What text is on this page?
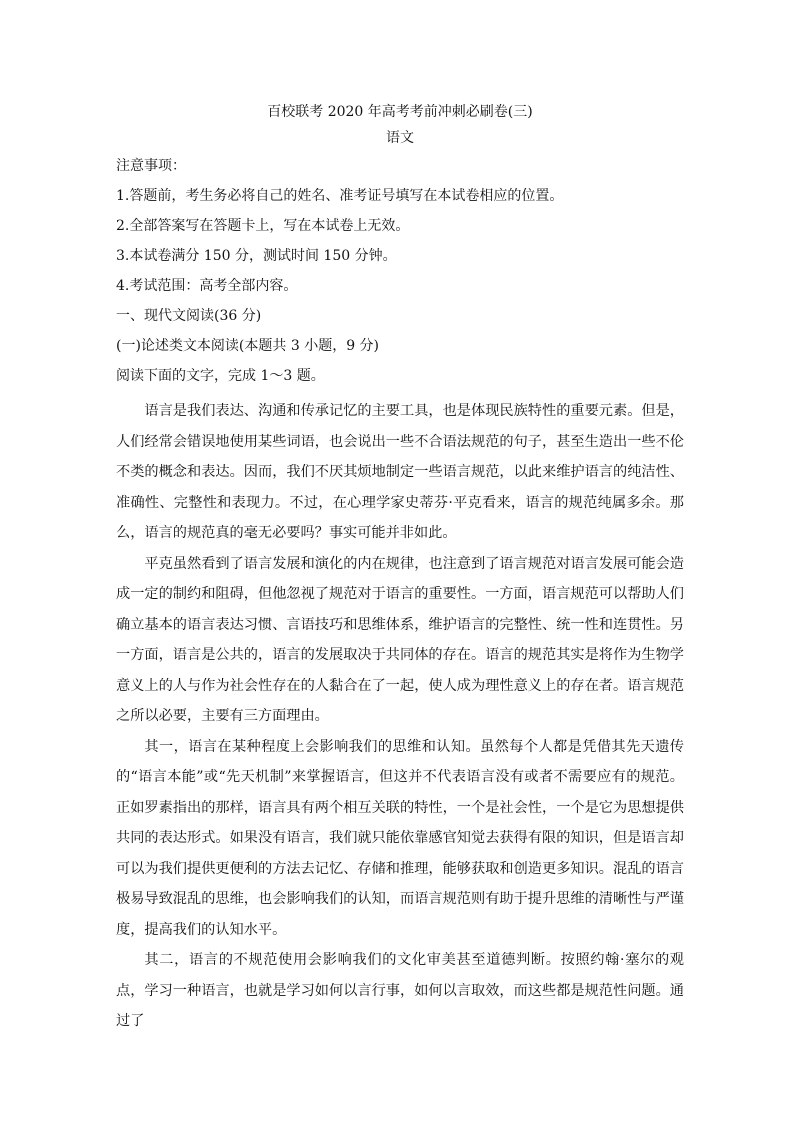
百校联考 2020 年高考考前冲刺必刷卷(三)
语文
注意事项：
1.答题前，考生务必将自己的姓名、准考证号填写在本试卷相应的位置。
2.全部答案写在答题卡上，写在本试卷上无效。
3.本试卷满分 150 分，测试时间 150 分钟。
4.考试范围：高考全部内容。
一、现代文阅读(36 分)
(一)论述类文本阅读(本题共 3 小题，9 分)
阅读下面的文字，完成 1～3 题。

语言是我们表达、沟通和传承记忆的主要工具，也是体现民族特性的重要元素。但是，人们经常会错误地使用某些词语，也会说出一些不合语法规范的句子，甚至生造出一些不伦不类的概念和表达。因而，我们不厌其烦地制定一些语言规范，以此来维护语言的纯洁性、准确性、完整性和表现力。不过，在心理学家史蒂芬·平克看来，语言的规范纯属多余。那么，语言的规范真的毫无必要吗？事实可能并非如此。

平克虽然看到了语言发展和演化的内在规律，也注意到了语言规范对语言发展可能会造成一定的制约和阻碍，但他忽视了规范对于语言的重要性。一方面，语言规范可以帮助人们确立基本的语言表达习惯、言语技巧和思维体系，维护语言的完整性、统一性和连贯性。另一方面，语言是公共的，语言的发展取决于共同体的存在。语言的规范其实是将作为生物学意义上的人与作为社会性存在的人黏合在了一起，使人成为理性意义上的存在者。语言规范之所以必要，主要有三方面理由。

其一，语言在某种程度上会影响我们的思维和认知。虽然每个人都是凭借其先天遗传的“语言本能”或“先天机制”来掌握语言，但这并不代表语言没有或者不需要应有的规范。正如罗素指出的那样，语言具有两个相互关联的特性，一个是社会性，一个是它为思想提供共同的表达形式。如果没有语言，我们就只能依靠感官知觉去获得有限的知识，但是语言却可以为我们提供更便利的方法去记忆、存储和推理，能够获取和创造更多知识。混乱的语言极易导致混乱的思维，也会影响我们的认知，而语言规范则有助于提升思维的清晰性与严谨度，提高我们的认知水平。

其二，语言的不规范使用会影响我们的文化审美甚至道德判断。按照约翰·塞尔的观点，学习一种语言，也就是学习如何以言行事，如何以言取效，而这些都是规范性问题。通过了
